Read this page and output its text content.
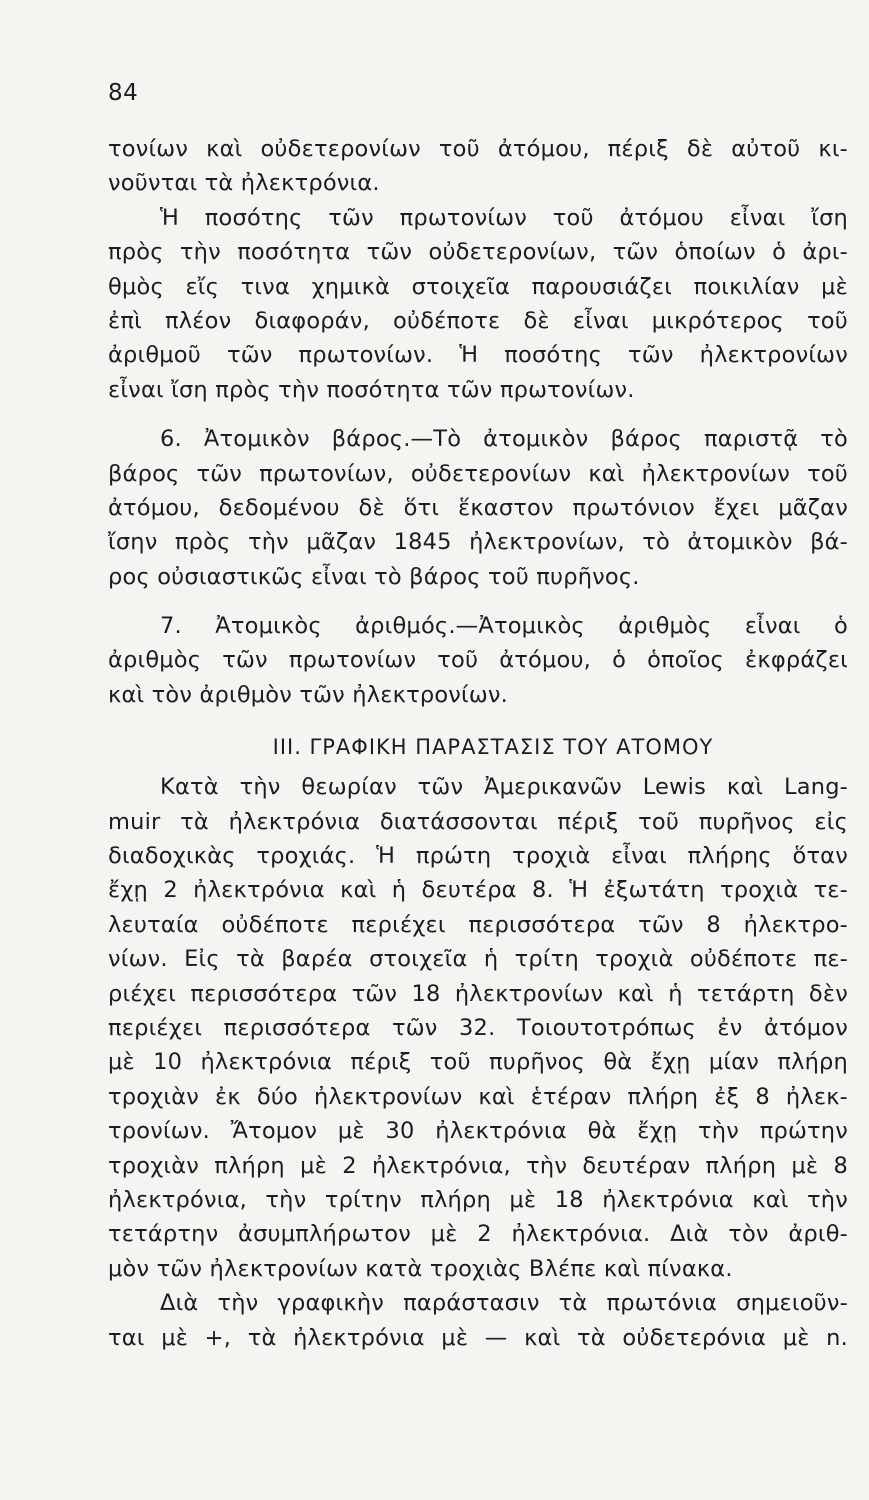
84
τονίων καὶ οὐδετερονίων τοῦ ἀτόμου, πέριξ δὲ αὐτοῦ κι-
νοῦνται τὰ ἠλεκτρόνια.
Ἡ ποσότης τῶν πρωτονίων τοῦ ἀτόμου εἶναι ἴση
πρὸς τὴν ποσότητα τῶν οὐδετερονίων, τῶν ὁποίων ὁ ἀρι-
θμὸς εἴς τινα χημικὰ στοιχεῖα παρουσιάζει ποικιλίαν μὲ
ἐπὶ πλέον διαφοράν, οὐδέποτε δὲ εἶναι μικρότερος τοῦ
ἀριθμοῦ τῶν πρωτονίων. Ἡ ποσότης τῶν ἠλεκτρονίων
εἶναι ἴση πρὸς τὴν ποσότητα τῶν πρωτονίων.
6. Ἀτομικὸν βάρος.—Τὸ ἀτομικὸν βάρος παριστᾷ τὸ
βάρος τῶν πρωτονίων, οὐδετερονίων καὶ ἠλεκτρονίων τοῦ
ἀτόμου, δεδομένου δὲ ὅτι ἕκαστον πρωτόνιον ἔχει μᾶζαν
ἴσην πρὸς τὴν μᾶζαν 1845 ἠλεκτρονίων, τὸ ἀτομικὸν βά-
ρος οὐσιαστικῶς εἶναι τὸ βάρος τοῦ πυρῆνος.
7. Ἀτομικὸς ἀριθμός.—Ἀτομικὸς ἀριθμὸς εἶναι ὁ
ἀριθμὸς τῶν πρωτονίων τοῦ ἀτόμου, ὁ ὁποῖος ἐκφράζει
καὶ τὸν ἀριθμὸν τῶν ἠλεκτρονίων.
III. ΓΡΑΦΙΚΗ ΠΑΡΑΣΤΑΣΙΣ ΤΟΥ ΑΤΟΜΟΥ
Κατὰ τὴν θεωρίαν τῶν Ἀμερικανῶν Lewis καὶ Lang-
muir τὰ ἠλεκτρόνια διατάσσονται πέριξ τοῦ πυρῆνος εἰς
διαδοχικὰς τροχιάς. Ἡ πρώτη τροχιὰ εἶναι πλήρης ὅταν
ἔχῃ 2 ἠλεκτρόνια καὶ ἡ δευτέρα 8. Ἡ ἐξωτάτη τροχιὰ τε-
λευταία οὐδέποτε περιέχει περισσότερα τῶν 8 ἠλεκτρο-
νίων. Εἰς τὰ βαρέα στοιχεῖα ἡ τρίτη τροχιὰ οὐδέποτε πε-
ριέχει περισσότερα τῶν 18 ἠλεκτρονίων καὶ ἡ τετάρτη δὲν
περιέχει περισσότερα τῶν 32. Τοιουτοτρόπως ἐν ἀτόμον
μὲ 10 ἠλεκτρόνια πέριξ τοῦ πυρῆνος θὰ ἔχῃ μίαν πλήρη
τροχιὰν ἐκ δύο ἠλεκτρονίων καὶ ἑτέραν πλήρη ἐξ 8 ἠλεκ-
τρονίων. Ἄτομον μὲ 30 ἠλεκτρόνια θὰ ἔχῃ τὴν πρώτην
τροχιὰν πλήρη μὲ 2 ἠλεκτρόνια, τὴν δευτέραν πλήρη μὲ 8
ἠλεκτρόνια, τὴν τρίτην πλήρη μὲ 18 ἠλεκτρόνια καὶ τὴν
τετάρτην ἀσυμπλήρωτον μὲ 2 ἠλεκτρόνια. Διὰ τὸν ἀριθ-
μὸν τῶν ἠλεκτρονίων κατὰ τροχιὰς Βλέπε καὶ πίνακα.
Διὰ τὴν γραφικὴν παράστασιν τὰ πρωτόνια σημειοῦν-
ται μὲ +, τὰ ἠλεκτρόνια μὲ — καὶ τὰ οὐδετερόνια μὲ n.
